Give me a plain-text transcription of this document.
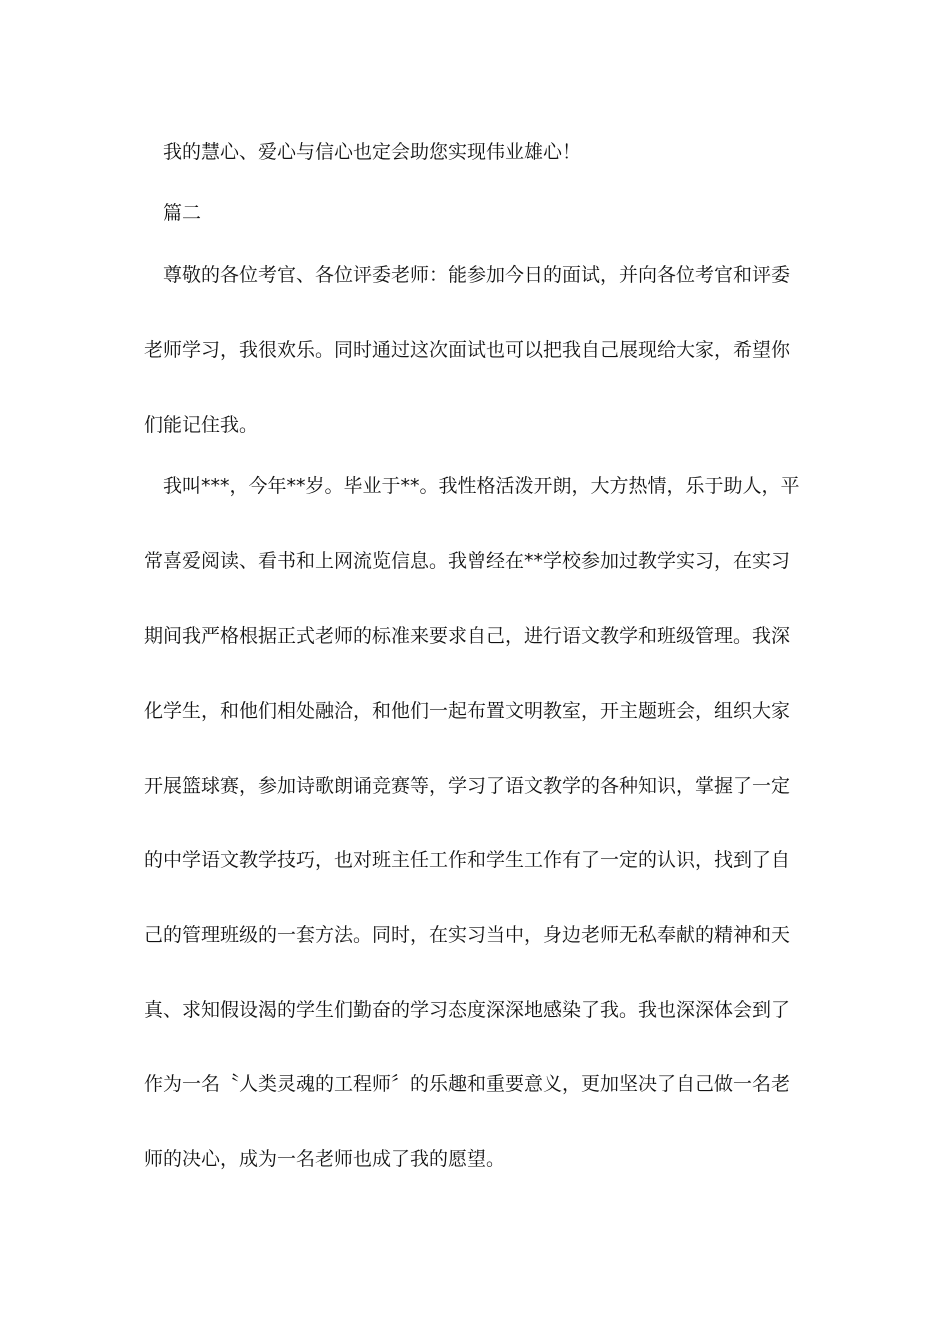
我的慧心、爱心与信心也定会助您实现伟业雄心！
篇二
尊敬的各位考官、各位评委老师：能参加今日的面试，并向各位考官和评委
老师学习，我很欢乐。同时通过这次面试也可以把我自己展现给大家，希望你
们能记住我。
我叫***，今年**岁。毕业于**。我性格活泼开朗，大方热情，乐于助人，平
常喜爱阅读、看书和上网流览信息。我曾经在**学校参加过教学实习，在实习
期间我严格根据正式老师的标准来要求自己，进行语文教学和班级管理。我深
化学生，和他们相处融洽，和他们一起布置文明教室，开主题班会，组织大家
开展篮球赛，参加诗歌朗诵竞赛等，学习了语文教学的各种知识，掌握了一定
的中学语文教学技巧，也对班主任工作和学生工作有了一定的认识，找到了自
己的管理班级的一套方法。同时，在实习当中，身边老师无私奉献的精神和天
真、求知假设渴的学生们勤奋的学习态度深深地感染了我。我也深深体会到了
作为一名〝人类灵魂的工程师〞的乐趣和重要意义，更加坚决了自己做一名老
师的决心，成为一名老师也成了我的愿望。
